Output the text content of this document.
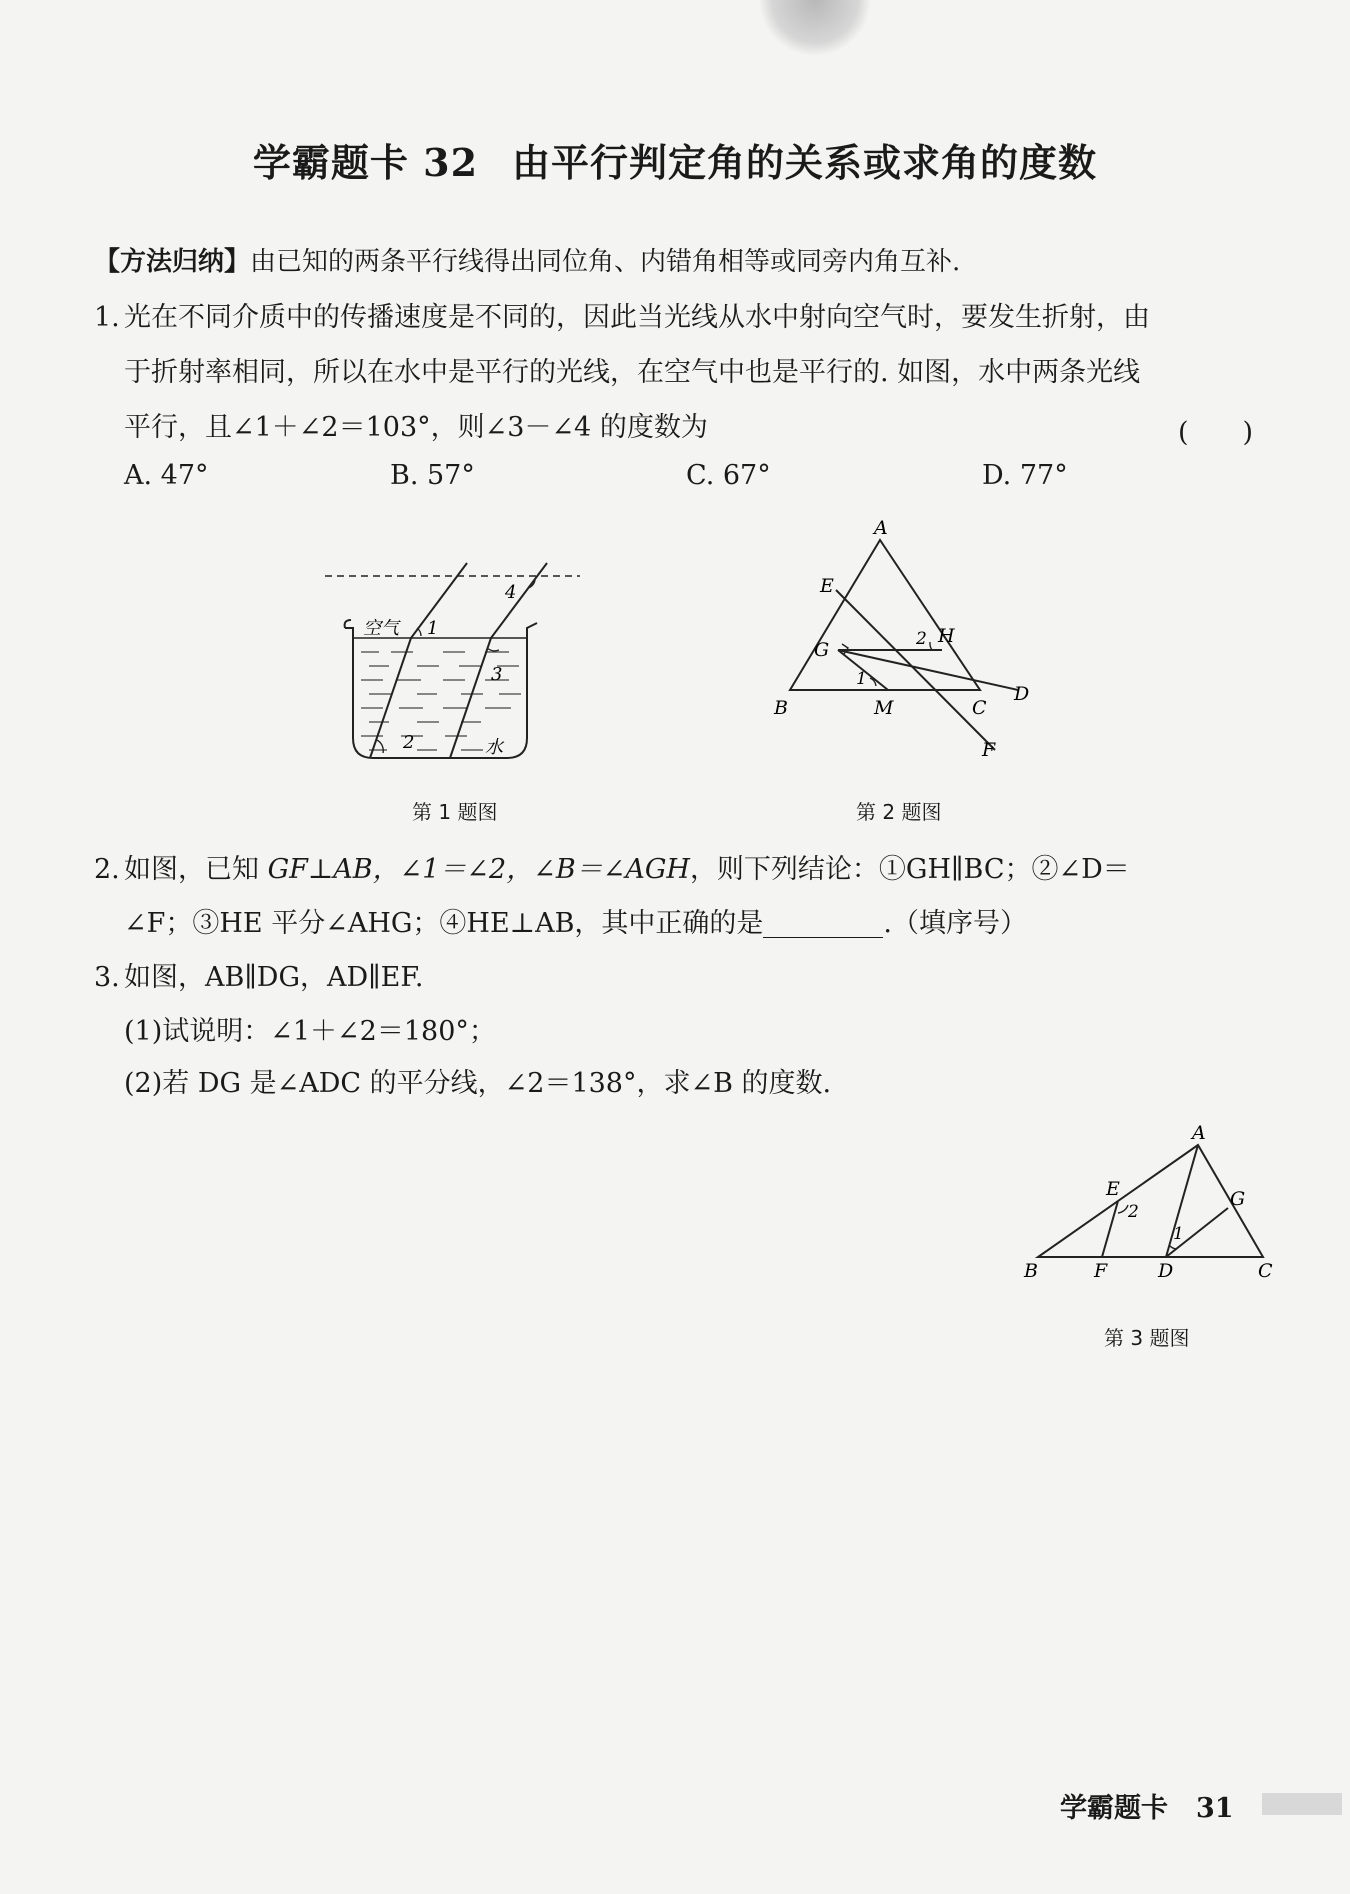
学霸题卡 32 由平行判定角的关系或求角的度数
【方法归纳】由已知的两条平行线得出同位角、内错角相等或同旁内角互补.
1. 光在不同介质中的传播速度是不同的，因此当光线从水中射向空气时，要发生折射，由
于折射率相同，所以在水中是平行的光线，在空气中也是平行的. 如图，水中两条光线
平行，且∠1＋∠2＝103°，则∠3－∠4 的度数为	(　　)
A. 47°	B. 57°	C. 67°	D. 77°
空气 1
2
3
4
水
第 1 题图
A
E
G
H
2
1
B	M	C
D
F
第 2 题图
2. 如图，已知 GF⊥AB，∠1＝∠2，∠B＝∠AGH，则下列结论：①GH∥BC；②∠D＝
∠F；③HE 平分∠AHG；④HE⊥AB，其中正确的是	.（填序号）
3. 如图，AB∥DG，AD∥EF.
(1)试说明：∠1＋∠2＝180°；
(2)若 DG 是∠ADC 的平分线，∠2＝138°，求∠B 的度数.
A
E	G
2
1
B	F	D	C
第 3 题图
学霸题卡 31
